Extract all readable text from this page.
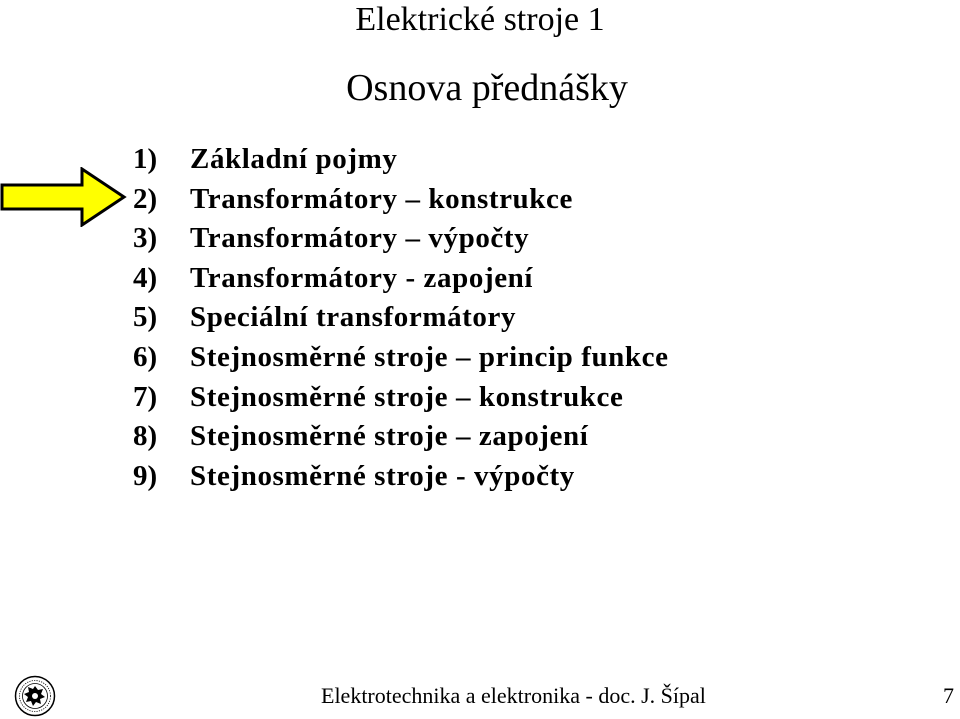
Elektrické stroje 1
Osnova přednášky
1)	Základní pojmy
2)	Transformátory – konstrukce
3)	Transformátory – výpočty
4)	Transformátory - zapojení
5)	Speciální transformátory
6)	Stejnosměrné stroje – princip funkce
7)	Stejnosměrné stroje – konstrukce
8)	Stejnosměrné stroje – zapojení
9)	Stejnosměrné stroje - výpočty
Elektrotechnika a elektronika - doc. J. Šípal	7
